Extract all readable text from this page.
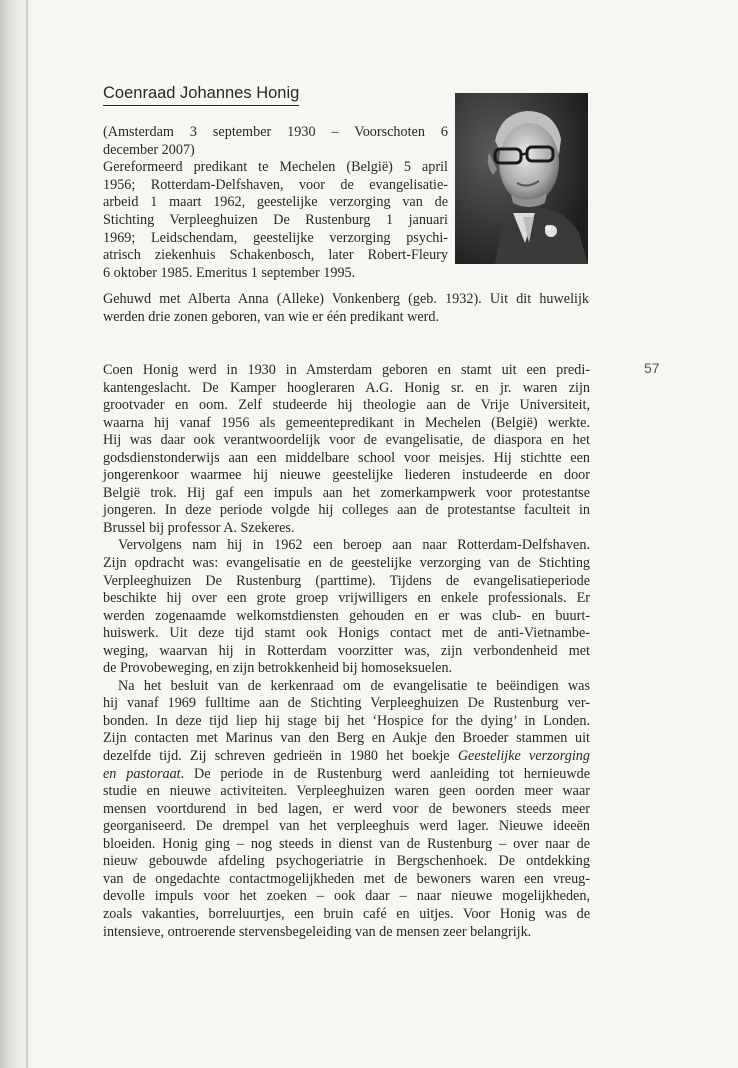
Coenraad Johannes Honig
(Amsterdam 3 september 1930 – Voorschoten 6
december 2007)
Gereformeerd predikant te Mechelen (België) 5 april
1956; Rotterdam-Delfshaven, voor de evangelisatie-
arbeid 1 maart 1962, geestelijke verzorging van de
Stichting Verpleeghuizen De Rustenburg 1 januari
1969; Leidschendam, geestelijke verzorging psychi-
atrisch ziekenhuis Schakenbosch, later Robert-Fleury
6 oktober 1985. Emeritus 1 september 1995.
Gehuwd met Alberta Anna (Alleke) Vonkenberg (geb. 1932). Uit dit huwelijk
werden drie zonen geboren, van wie er één predikant werd.
57
Coen Honig werd in 1930 in Amsterdam geboren en stamt uit een predi-
kantengeslacht. De Kamper hoogleraren A.G. Honig sr. en jr. waren zijn
grootvader en oom. Zelf studeerde hij theologie aan de Vrije Universiteit,
waarna hij vanaf 1956 als gemeentepredikant in Mechelen (België) werkte.
Hij was daar ook verantwoordelijk voor de evangelisatie, de diaspora en het
godsdienstonderwijs aan een middelbare school voor meisjes. Hij stichtte een
jongerenkoor waarmee hij nieuwe geestelijke liederen instudeerde en door
België trok. Hij gaf een impuls aan het zomerkampwerk voor protestantse
jongeren. In deze periode volgde hij colleges aan de protestantse faculteit in
Brussel bij professor A. Szekeres.
Vervolgens nam hij in 1962 een beroep aan naar Rotterdam-Delfshaven.
Zijn opdracht was: evangelisatie en de geestelijke verzorging van de Stichting
Verpleeghuizen De Rustenburg (parttime). Tijdens de evangelisatieperiode
beschikte hij over een grote groep vrijwilligers en enkele professionals. Er
werden zogenaamde welkomstdiensten gehouden en er was club- en buurt-
huiswerk. Uit deze tijd stamt ook Honigs contact met de anti-Vietnambe-
weging, waarvan hij in Rotterdam voorzitter was, zijn verbondenheid met
de Provobeweging, en zijn betrokkenheid bij homoseksuelen.
Na het besluit van de kerkenraad om de evangelisatie te beëindigen was
hij vanaf 1969 fulltime aan de Stichting Verpleeghuizen De Rustenburg ver-
bonden. In deze tijd liep hij stage bij het ‘Hospice for the dying’ in Londen.
Zijn contacten met Marinus van den Berg en Aukje den Broeder stammen uit
dezelfde tijd. Zij schreven gedrieën in 1980 het boekje Geestelijke verzorging
en pastoraat. De periode in de Rustenburg werd aanleiding tot hernieuwde
studie en nieuwe activiteiten. Verpleeghuizen waren geen oorden meer waar
mensen voortdurend in bed lagen, er werd voor de bewoners steeds meer
georganiseerd. De drempel van het verpleeghuis werd lager. Nieuwe ideeën
bloeiden. Honig ging – nog steeds in dienst van de Rustenburg – over naar de
nieuw gebouwde afdeling psychogeriatrie in Bergschenhoek. De ontdekking
van de ongedachte contactmogelijkheden met de bewoners waren een vreug-
devolle impuls voor het zoeken – ook daar – naar nieuwe mogelijkheden,
zoals vakanties, borreluurtjes, een bruin café en uitjes. Voor Honig was de
intensieve, ontroerende stervensbegeleiding van de mensen zeer belangrijk.
